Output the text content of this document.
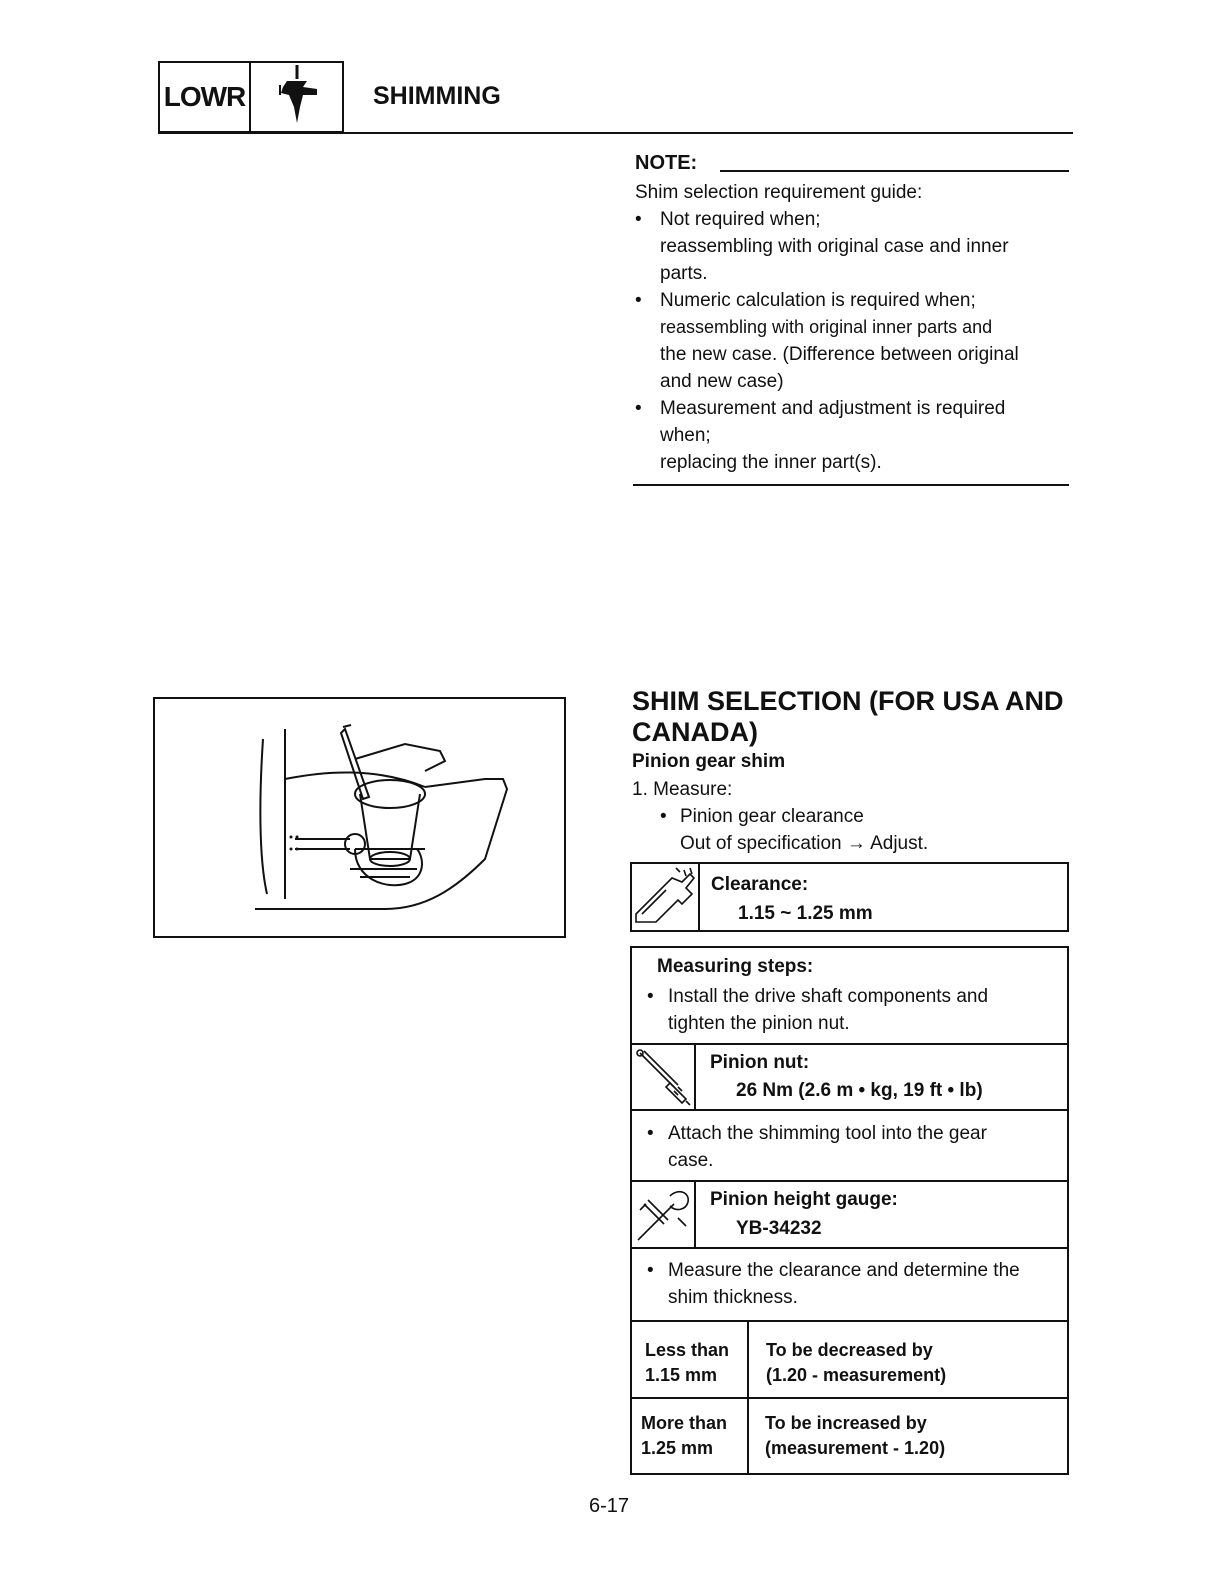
LOWR	SHIMMING
NOTE:
Shim selection requirement guide:
• Not required when;
reassembling with original case and inner
parts.
• Numeric calculation is required when;
reassembling with original inner parts and
the new case. (Difference between original
and new case)
• Measurement and adjustment is required
when;
replacing the inner part(s).
SHIM SELECTION (FOR USA AND
CANADA)
Pinion gear shim
1. Measure:
• Pinion gear clearance
Out of specification → Adjust.
Clearance:
1.15 ~ 1.25 mm
Measuring steps:
• Install the drive shaft components and
tighten the pinion nut.
Pinion nut:
26 Nm (2.6 m • kg, 19 ft • lb)
• Attach the shimming tool into the gear
case.
Pinion height gauge:
YB-34232
• Measure the clearance and determine the
shim thickness.
Less than
1.15 mm
To be decreased by
(1.20 - measurement)
More than
1.25 mm
To be increased by
(measurement - 1.20)
6-17
